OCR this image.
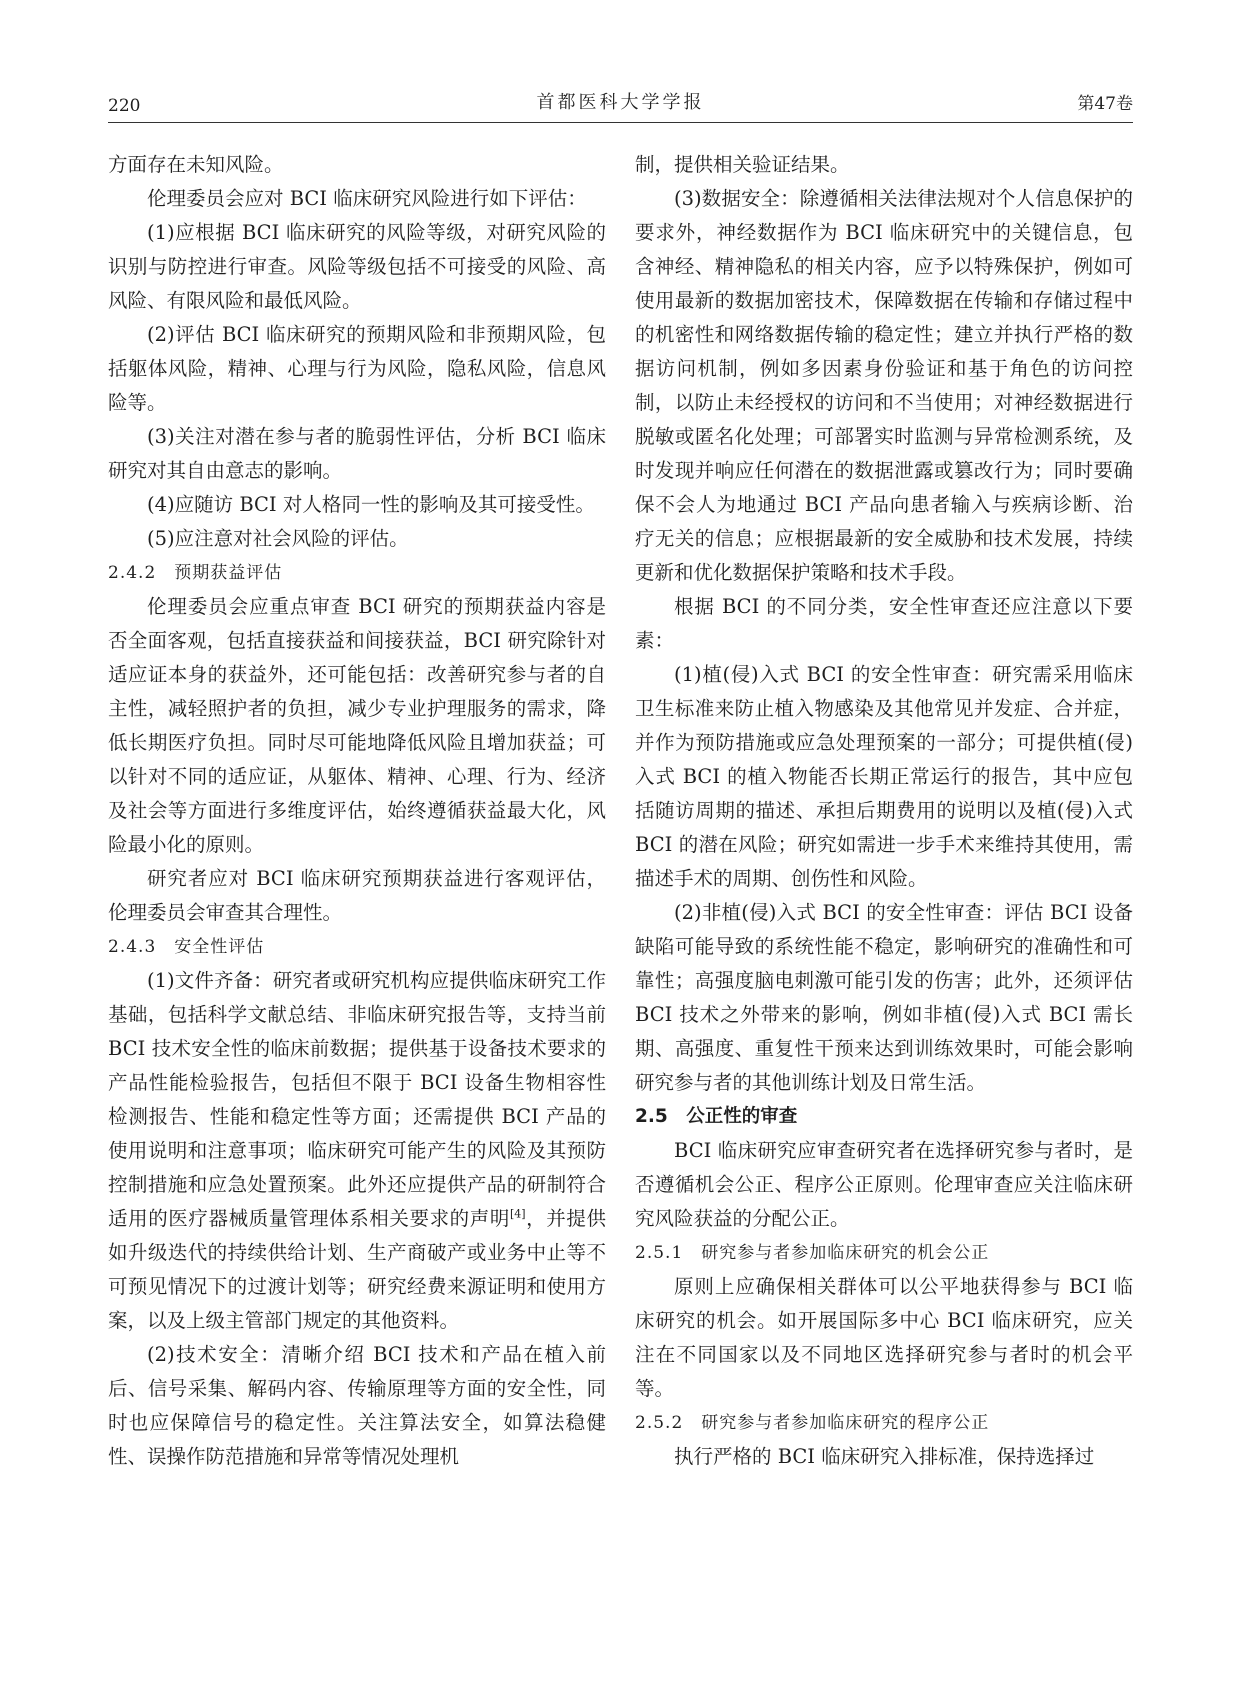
220	首都医科大学学报	第47卷

方面存在未知风险。

伦理委员会应对 BCI 临床研究风险进行如下评估：

(1)应根据 BCI 临床研究的风险等级，对研究风险的识别与防控进行审查。风险等级包括不可接受的风险、高风险、有限风险和最低风险。

(2)评估 BCI 临床研究的预期风险和非预期风险，包括躯体风险，精神、心理与行为风险，隐私风险，信息风险等。

(3)关注对潜在参与者的脆弱性评估，分析 BCI 临床研究对其自由意志的影响。

(4)应随访 BCI 对人格同一性的影响及其可接受性。

(5)应注意对社会风险的评估。

2.4.2　预期获益评估

伦理委员会应重点审查 BCI 研究的预期获益内容是否全面客观，包括直接获益和间接获益，BCI 研究除针对适应证本身的获益外，还可能包括：改善研究参与者的自主性，减轻照护者的负担，减少专业护理服务的需求，降低长期医疗负担。同时尽可能地降低风险且增加获益；可以针对不同的适应证，从躯体、精神、心理、行为、经济及社会等方面进行多维度评估，始终遵循获益最大化，风险最小化的原则。

研究者应对 BCI 临床研究预期获益进行客观评估，伦理委员会审查其合理性。

2.4.3　安全性评估

(1)文件齐备：研究者或研究机构应提供临床研究工作基础，包括科学文献总结、非临床研究报告等，支持当前 BCI 技术安全性的临床前数据；提供基于设备技术要求的产品性能检验报告，包括但不限于 BCI 设备生物相容性检测报告、性能和稳定性等方面；还需提供 BCI 产品的使用说明和注意事项；临床研究可能产生的风险及其预防控制措施和应急处置预案。此外还应提供产品的研制符合适用的医疗器械质量管理体系相关要求的声明[4]，并提供如升级迭代的持续供给计划、生产商破产或业务中止等不可预见情况下的过渡计划等；研究经费来源证明和使用方案，以及上级主管部门规定的其他资料。

(2)技术安全：清晰介绍 BCI 技术和产品在植入前后、信号采集、解码内容、传输原理等方面的安全性，同时也应保障信号的稳定性。关注算法安全，如算法稳健性、误操作防范措施和异常等情况处理机

制，提供相关验证结果。

(3)数据安全：除遵循相关法律法规对个人信息保护的要求外，神经数据作为 BCI 临床研究中的关键信息，包含神经、精神隐私的相关内容，应予以特殊保护，例如可使用最新的数据加密技术，保障数据在传输和存储过程中的机密性和网络数据传输的稳定性；建立并执行严格的数据访问机制，例如多因素身份验证和基于角色的访问控制，以防止未经授权的访问和不当使用；对神经数据进行脱敏或匿名化处理；可部署实时监测与异常检测系统，及时发现并响应任何潜在的数据泄露或篡改行为；同时要确保不会人为地通过 BCI 产品向患者输入与疾病诊断、治疗无关的信息；应根据最新的安全威胁和技术发展，持续更新和优化数据保护策略和技术手段。

根据 BCI 的不同分类，安全性审查还应注意以下要素：

(1)植(侵)入式 BCI 的安全性审查：研究需采用临床卫生标准来防止植入物感染及其他常见并发症、合并症，并作为预防措施或应急处理预案的一部分；可提供植(侵)入式 BCI 的植入物能否长期正常运行的报告，其中应包括随访周期的描述、承担后期费用的说明以及植(侵)入式 BCI 的潜在风险；研究如需进一步手术来维持其使用，需描述手术的周期、创伤性和风险。

(2)非植(侵)入式 BCI 的安全性审查：评估 BCI 设备缺陷可能导致的系统性能不稳定，影响研究的准确性和可靠性；高强度脑电刺激可能引发的伤害；此外，还须评估 BCI 技术之外带来的影响，例如非植(侵)入式 BCI 需长期、高强度、重复性干预来达到训练效果时，可能会影响研究参与者的其他训练计划及日常生活。

2.5　公正性的审查

BCI 临床研究应审查研究者在选择研究参与者时，是否遵循机会公正、程序公正原则。伦理审查应关注临床研究风险获益的分配公正。

2.5.1　研究参与者参加临床研究的机会公正

原则上应确保相关群体可以公平地获得参与 BCI 临床研究的机会。如开展国际多中心 BCI 临床研究，应关注在不同国家以及不同地区选择研究参与者时的机会平等。

2.5.2　研究参与者参加临床研究的程序公正

执行严格的 BCI 临床研究入排标准，保持选择过
